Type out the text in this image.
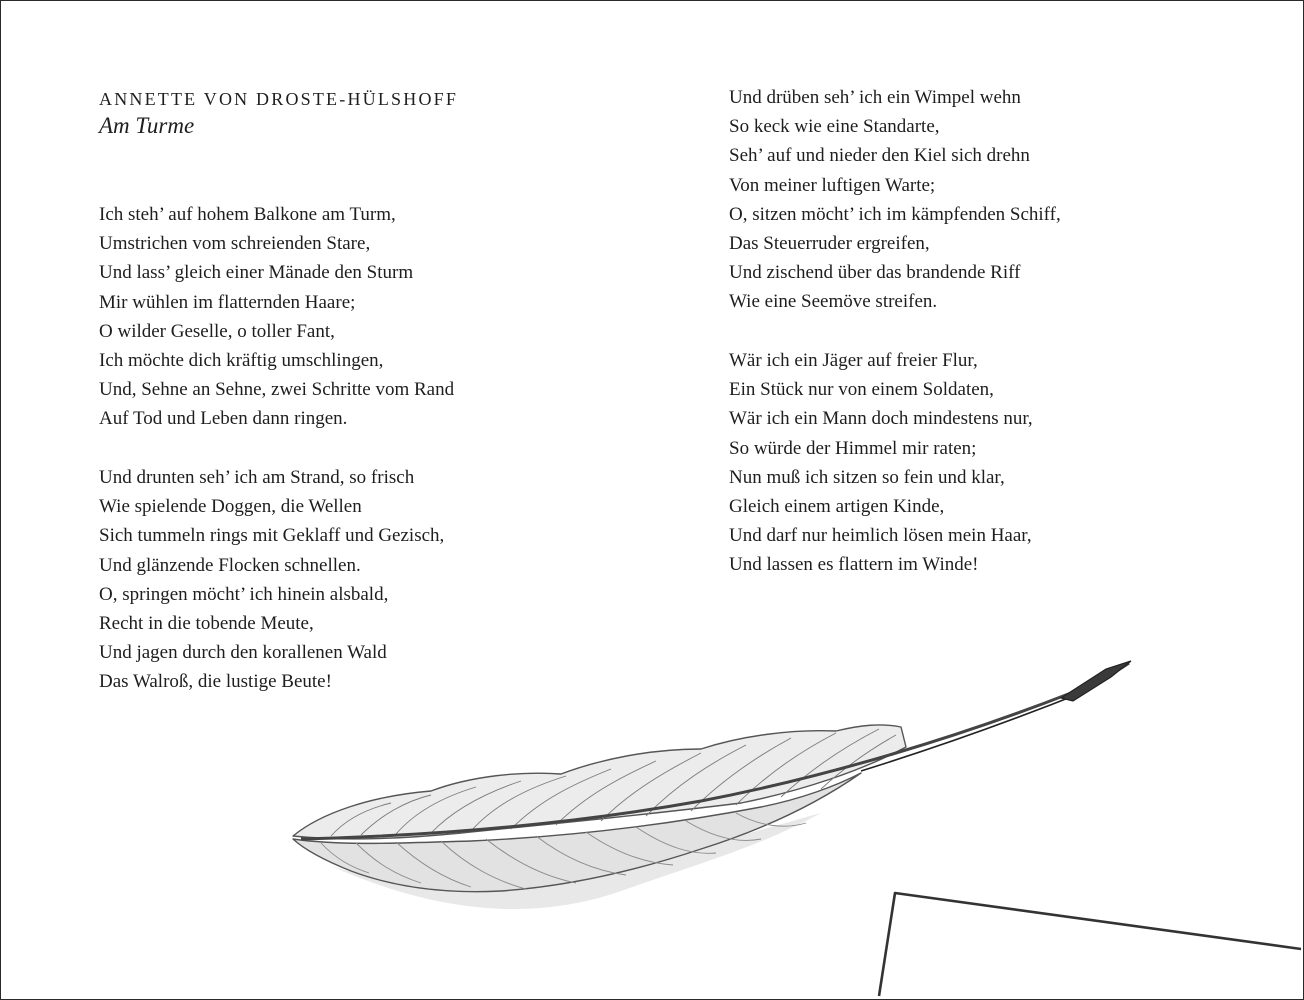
ANNETTE VON DROSTE-HÜLSHOFF
Am Turme
Ich steh’ auf hohem Balkone am Turm,
Umstrichen vom schreienden Stare,
Und lass’ gleich einer Mänade den Sturm
Mir wühlen im flatternden Haare;
O wilder Geselle, o toller Fant,
Ich möchte dich kräftig umschlingen,
Und, Sehne an Sehne, zwei Schritte vom Rand
Auf Tod und Leben dann ringen.
Und drunten seh’ ich am Strand, so frisch
Wie spielende Doggen, die Wellen
Sich tummeln rings mit Geklaff und Gezisch,
Und glänzende Flocken schnellen.
O, springen möcht’ ich hinein alsbald,
Recht in die tobende Meute,
Und jagen durch den korallenen Wald
Das Walroß, die lustige Beute!
Und drüben seh’ ich ein Wimpel wehn
So keck wie eine Standarte,
Seh’ auf und nieder den Kiel sich drehn
Von meiner luftigen Warte;
O, sitzen möcht’ ich im kämpfenden Schiff,
Das Steuerruder ergreifen,
Und zischend über das brandende Riff
Wie eine Seemöve streifen.
Wär ich ein Jäger auf freier Flur,
Ein Stück nur von einem Soldaten,
Wär ich ein Mann doch mindestens nur,
So würde der Himmel mir raten;
Nun muß ich sitzen so fein und klar,
Gleich einem artigen Kinde,
Und darf nur heimlich lösen mein Haar,
Und lassen es flattern im Winde!
